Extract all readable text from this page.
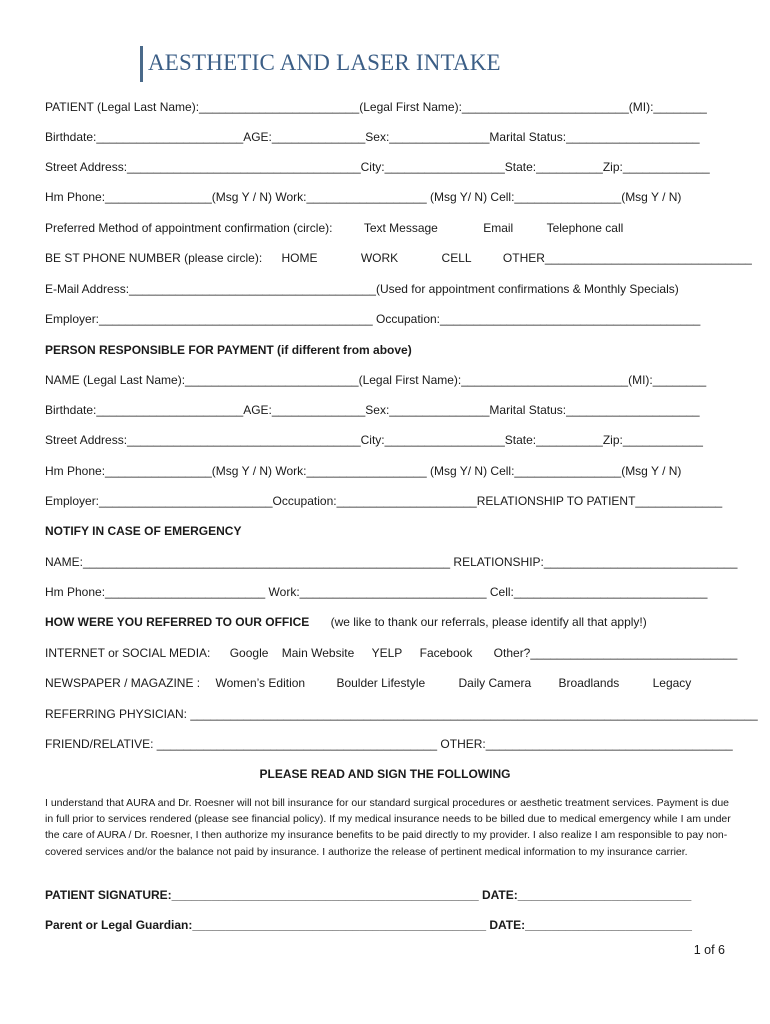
AESTHETIC AND LASER INTAKE
PATIENT (Legal Last Name):________________________(Legal First Name):_________________________(MI):________
Birthdate:______________________AGE:______________Sex:_______________Marital Status:____________________
Street Address:___________________________________City:__________________State:__________Zip:_____________
Hm Phone:________________(Msg Y / N) Work:__________________ (Msg Y/ N) Cell:________________(Msg Y / N)
Preferred Method of appointment confirmation (circle):	Text Message	Email	Telephone call
BE ST PHONE NUMBER (please circle): HOME	WORK	CELL	OTHER_______________________________
E-Mail Address:_____________________________________(Used for appointment confirmations & Monthly Specials)
Employer:_________________________________________ Occupation:_______________________________________
PERSON RESPONSIBLE FOR PAYMENT (if different from above)
NAME (Legal Last Name):__________________________(Legal First Name):_________________________(MI):________
Birthdate:______________________AGE:______________Sex:_______________Marital Status:____________________
Street Address:___________________________________City:__________________State:__________Zip:____________
Hm Phone:________________(Msg Y / N) Work:__________________ (Msg Y/ N) Cell:________________(Msg Y / N)
Employer:__________________________Occupation:_____________________RELATIONSHIP TO PATIENT_____________
NOTIFY IN CASE OF EMERGENCY
NAME:_______________________________________________________ RELATIONSHIP:_____________________________
Hm Phone:________________________ Work:____________________________ Cell:_____________________________
HOW WERE YOU REFERRED TO OUR OFFICE (we like to thank our referrals, please identify all that apply!)
INTERNET or SOCIAL MEDIA: Google Main Website YELP Facebook Other?_______________________________
NEWSPAPER / MAGAZINE : Women’s Edition	Boulder Lifestyle	Daily Camera Broadlands	Legacy
REFERRING PHYSICIAN: _____________________________________________________________________________________
FRIEND/RELATIVE: __________________________________________ OTHER:_____________________________________
PLEASE READ AND SIGN THE FOLLOWING
I understand that AURA and Dr. Roesner will not bill insurance for our standard surgical procedures or aesthetic treatment services. Payment is due in full prior to services rendered (please see financial policy). If my medical insurance needs to be billed due to medical emergency while I am under the care of AURA / Dr. Roesner, I then authorize my insurance benefits to be paid directly to my provider. I also realize I am responsible to pay non-covered services and/or the balance not paid by insurance. I authorize the release of pertinent medical information to my insurance carrier.
PATIENT SIGNATURE:______________________________________________ DATE:__________________________
Parent or Legal Guardian:____________________________________________ DATE:_________________________
1 of 6
